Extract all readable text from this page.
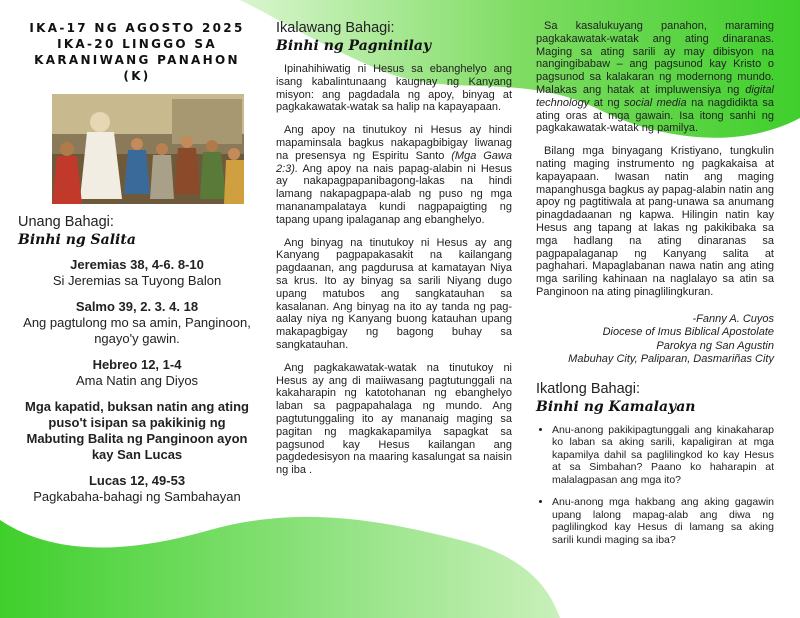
IKA-17 NG AGOSTO 2025
IKA-20 LINGGO SA
KARANIWANG PANAHON
(K)
Unang Bahagi:
Binhi ng Salita
Jeremias 38, 4-6. 8-10
Si Jeremias sa Tuyong Balon
Salmo 39, 2. 3. 4. 18
Ang pagtulong mo sa amin, Panginoon, ngayo'y gawin.
Hebreo 12, 1-4
Ama Natin ang Diyos
Mga kapatid, buksan natin ang ating puso't isipan sa pakikinig ng Mabuting Balita ng Panginoon ayon kay San Lucas
Lucas 12, 49-53
Pagkabaha-bahagi ng Sambahayan
Ikalawang Bahagi:
Binhi ng Pagninilay

Ipinahihiwatig ni Hesus sa ebanghelyo ang isang kabalintunaang kaugnay ng Kanyang misyon: ang pagdadala ng apoy, binyag at pagkakawatak-watak sa halip na kapayapaan.

Ang apoy na tinutukoy ni Hesus ay hindi mapaminsala bagkus nakapagbibigay liwanag na presensya ng Espiritu Santo (Mga Gawa 2:3). Ang apoy na nais papag-alabin ni Hesus ay nakapagpapanibagong-lakas na hindi lamang nakapagpapa-alab ng puso ng mga mananampalataya kundi nagpapaigting ng tapang upang ipalaganap ang ebanghelyo.

Ang binyag na tinutukoy ni Hesus ay ang Kanyang pagpapakasakit na kailangang pagdaanan, ang pagdurusa at kamatayan Niya sa krus. Ito ay binyag sa sarili Niyang dugo upang matubos ang sangkatauhan sa kasalanan. Ang binyag na ito ay tanda ng pag-aalay niya ng Kanyang buong katauhan upang makapagbigay ng bagong buhay sa sangkatauhan.

Ang pagkakawatak-watak na tinutukoy ni Hesus ay ang di maiiwasang pagtutunggali na kakaharapin ng katotohanan ng ebanghelyo laban sa pagpapahalaga ng mundo. Ang pagtutunggaling ito ay mananaig maging sa pagitan ng magkakapamilya sapagkat sa pagsunod kay Hesus kailangan ang pagdedesisyon na maaring kasalungat sa naisin ng iba .

Sa kasalukuyang panahon, maraming pagkakawatak-watak ang ating dinaranas. Maging sa ating sarili ay may dibisyon na nangingibabaw – ang pagsunod kay Kristo o pagsunod sa kalakaran ng modernong mundo. Malakas ang hatak at impluwensiya ng digital technology at ng social media na nagdidikta sa ating oras at mga gawain. Isa itong sanhi ng pagkakawatak-watak ng pamilya.

Bilang mga binyagang Kristiyano, tungkulin nating maging instrumento ng pagkakaisa at kapayapaan. Iwasan natin ang maging mapanghusga bagkus ay papag-alabin natin ang apoy ng pagtitiwala at pang-unawa sa anumang pinagdadaanan ng kapwa. Hilingin natin kay Hesus ang tapang at lakas ng pakikibaka sa mga hadlang na ating dinaranas sa pagpapalaganap ng Kanyang salita at paghahari. Mapaglabanan nawa natin ang ating mga sariling kahinaan na naglalayo sa atin sa Panginoon na ating pinaglilingkuran.

-Fanny A. Cuyos
Diocese of Imus Biblical Apostolate
Parokya ng San Agustin
Mabuhay City, Paliparan, Dasmariñas City
Ikatlong Bahagi:
Binhi ng Kamalayan
• Anu-anong pakikipagtunggali ang kinakaharap ko laban sa aking sarili, kapaligiran at mga kapamilya dahil sa paglilingkod ko kay Hesus at sa Simbahan? Paano ko haharapin at malalagpasan ang mga ito?
• Anu-anong mga hakbang ang aking gagawin upang lalong mapag-alab ang diwa ng paglilingkod kay Hesus di lamang sa aking sarili kundi maging sa iba?
